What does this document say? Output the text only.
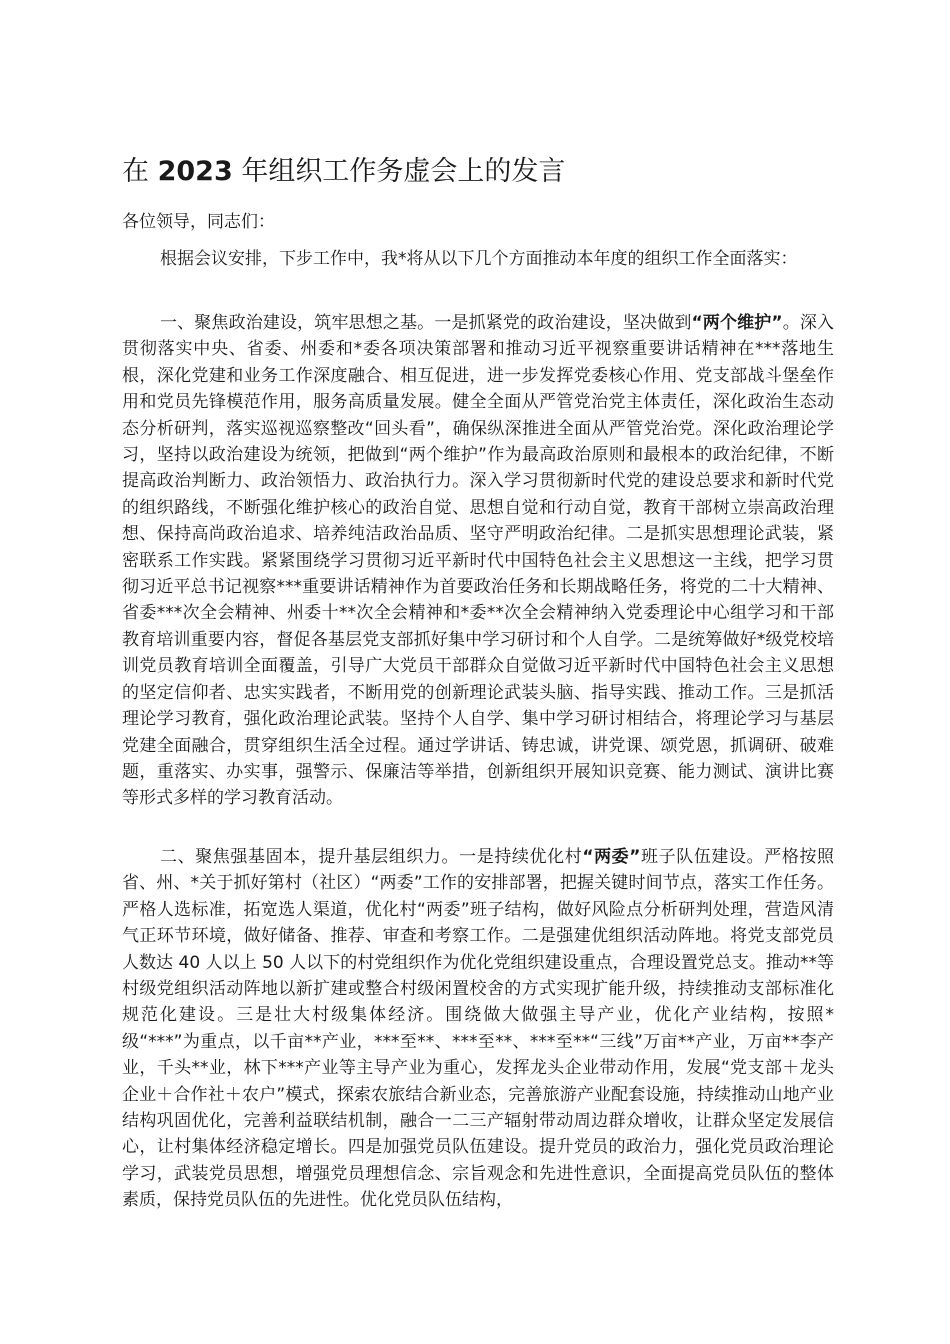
在 2023 年组织工作务虚会上的发言

各位领导，同志们：

根据会议安排，下步工作中，我*将从以下几个方面推动本年度的组织工作全面落实：

一、聚焦政治建设，筑牢思想之基。一是抓紧党的政治建设，坚决做到“两个维护”。深入贯彻落实中央、省委、州委和*委各项决策部署和推动习近平视察重要讲话精神在***落地生根，深化党建和业务工作深度融合、相互促进，进一步发挥党委核心作用、党支部战斗堡垒作用和党员先锋模范作用，服务高质量发展。健全全面从严管党治党主体责任，深化政治生态动态分析研判，落实巡视巡察整改“回头看”，确保纵深推进全面从严管党治党。深化政治理论学习，坚持以政治建设为统领，把做到“两个维护”作为最高政治原则和最根本的政治纪律，不断提高政治判断力、政治领悟力、政治执行力。深入学习贯彻新时代党的建设总要求和新时代党的组织路线，不断强化维护核心的政治自觉、思想自觉和行动自觉，教育干部树立崇高政治理想、保持高尚政治追求、培养纯洁政治品质、坚守严明政治纪律。二是抓实思想理论武装，紧密联系工作实践。紧紧围绕学习贯彻习近平新时代中国特色社会主义思想这一主线，把学习贯彻习近平总书记视察***重要讲话精神作为首要政治任务和长期战略任务，将党的二十大精神、省委***次全会精神、州委十**次全会精神和*委**次全会精神纳入党委理论中心组学习和干部教育培训重要内容，督促各基层党支部抓好集中学习研讨和个人自学。二是统筹做好*级党校培训党员教育培训全面覆盖，引导广大党员干部群众自觉做习近平新时代中国特色社会主义思想的坚定信仰者、忠实实践者，不断用党的创新理论武装头脑、指导实践、推动工作。三是抓活理论学习教育，强化政治理论武装。坚持个人自学、集中学习研讨相结合，将理论学习与基层党建全面融合，贯穿组织生活全过程。通过学讲话、铸忠诚，讲党课、颂党恩，抓调研、破难题，重落实、办实事，强警示、保廉洁等举措，创新组织开展知识竞赛、能力测试、演讲比赛等形式多样的学习教育活动。

二、聚焦强基固本，提升基层组织力。一是持续优化村“两委”班子队伍建设。严格按照省、州、*关于抓好第村（社区）“两委”工作的安排部署，把握关键时间节点，落实工作任务。严格人选标准，拓宽选人渠道，优化村“两委”班子结构，做好风险点分析研判处理，营造风清气正环节环境，做好储备、推荐、审查和考察工作。二是强建优组织活动阵地。将党支部党员人数达 40 人以上 50 人以下的村党组织作为优化党组织建设重点，合理设置党总支。推动**等村级党组织活动阵地以新扩建或整合村级闲置校舍的方式实现扩能升级，持续推动支部标准化规范化建设。三是壮大村级集体经济。围绕做大做强主导产业，优化产业结构，按照*级“***”为重点，以千亩**产业，***至**、***至**、***至**“三线”万亩**产业，万亩**李产业，千头**业，林下***产业等主导产业为重心，发挥龙头企业带动作用，发展“党支部＋龙头企业＋合作社＋农户”模式，探索农旅结合新业态，完善旅游产业配套设施，持续推动山地产业结构巩固优化，完善利益联结机制，融合一二三产辐射带动周边群众增收，让群众坚定发展信心，让村集体经济稳定增长。四是加强党员队伍建设。提升党员的政治力，强化党员政治理论学习，武装党员思想，增强党员理想信念、宗旨观念和先进性意识，全面提高党员队伍的整体素质，保持党员队伍的先进性。优化党员队伍结构，
